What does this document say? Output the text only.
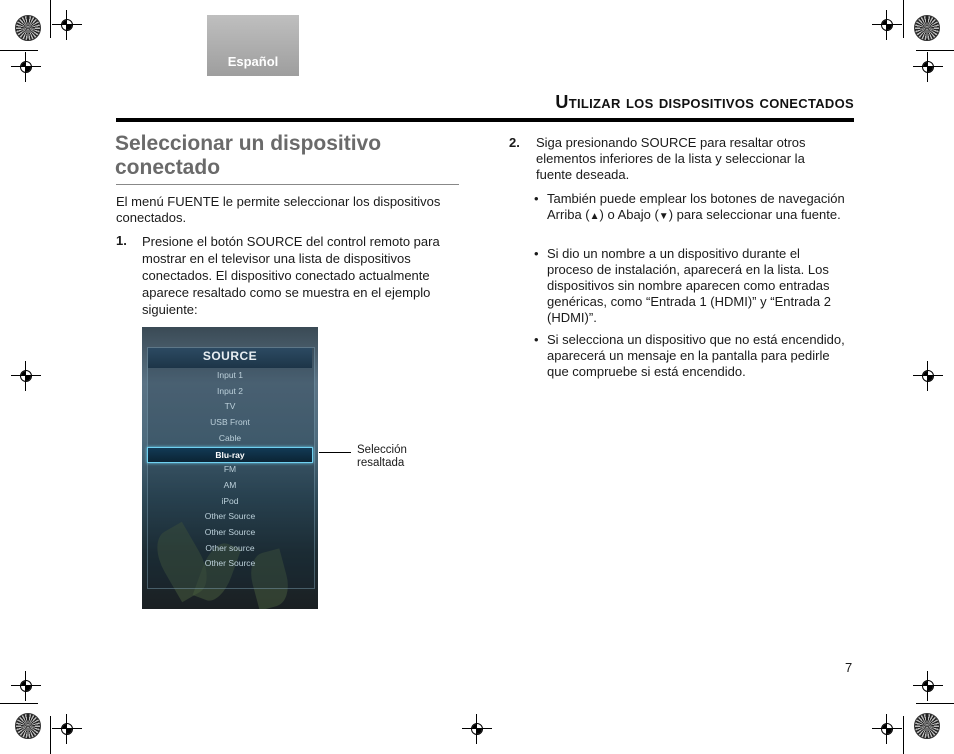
Español
Utilizar los dispositivos conectados
Seleccionar un dispositivo conectado
El menú FUENTE le permite seleccionar los dispositivos conectados.
1. Presione el botón SOURCE del control remoto para mostrar en el televisor una lista de dispositivos conectados. El dispositivo conectado actualmente aparece resaltado como se muestra en el ejemplo siguiente:
SOURCE
Input 1
Input 2
TV
USB Front
Cable
Blu-ray
FM
AM
iPod
Other Source
Other Source
Other source
Other Source
Selección
resaltada
2. Siga presionando SOURCE para resaltar otros elementos inferiores de la lista y seleccionar la fuente deseada.
• También puede emplear los botones de navegación Arriba (▲) o Abajo (▼) para seleccionar una fuente.
• Si dio un nombre a un dispositivo durante el proceso de instalación, aparecerá en la lista. Los dispositivos sin nombre aparecen como entradas genéricas, como “Entrada 1 (HDMI)” y “Entrada 2 (HDMI)”.
• Si selecciona un dispositivo que no está encendido, aparecerá un mensaje en la pantalla para pedirle que compruebe si está encendido.
7
